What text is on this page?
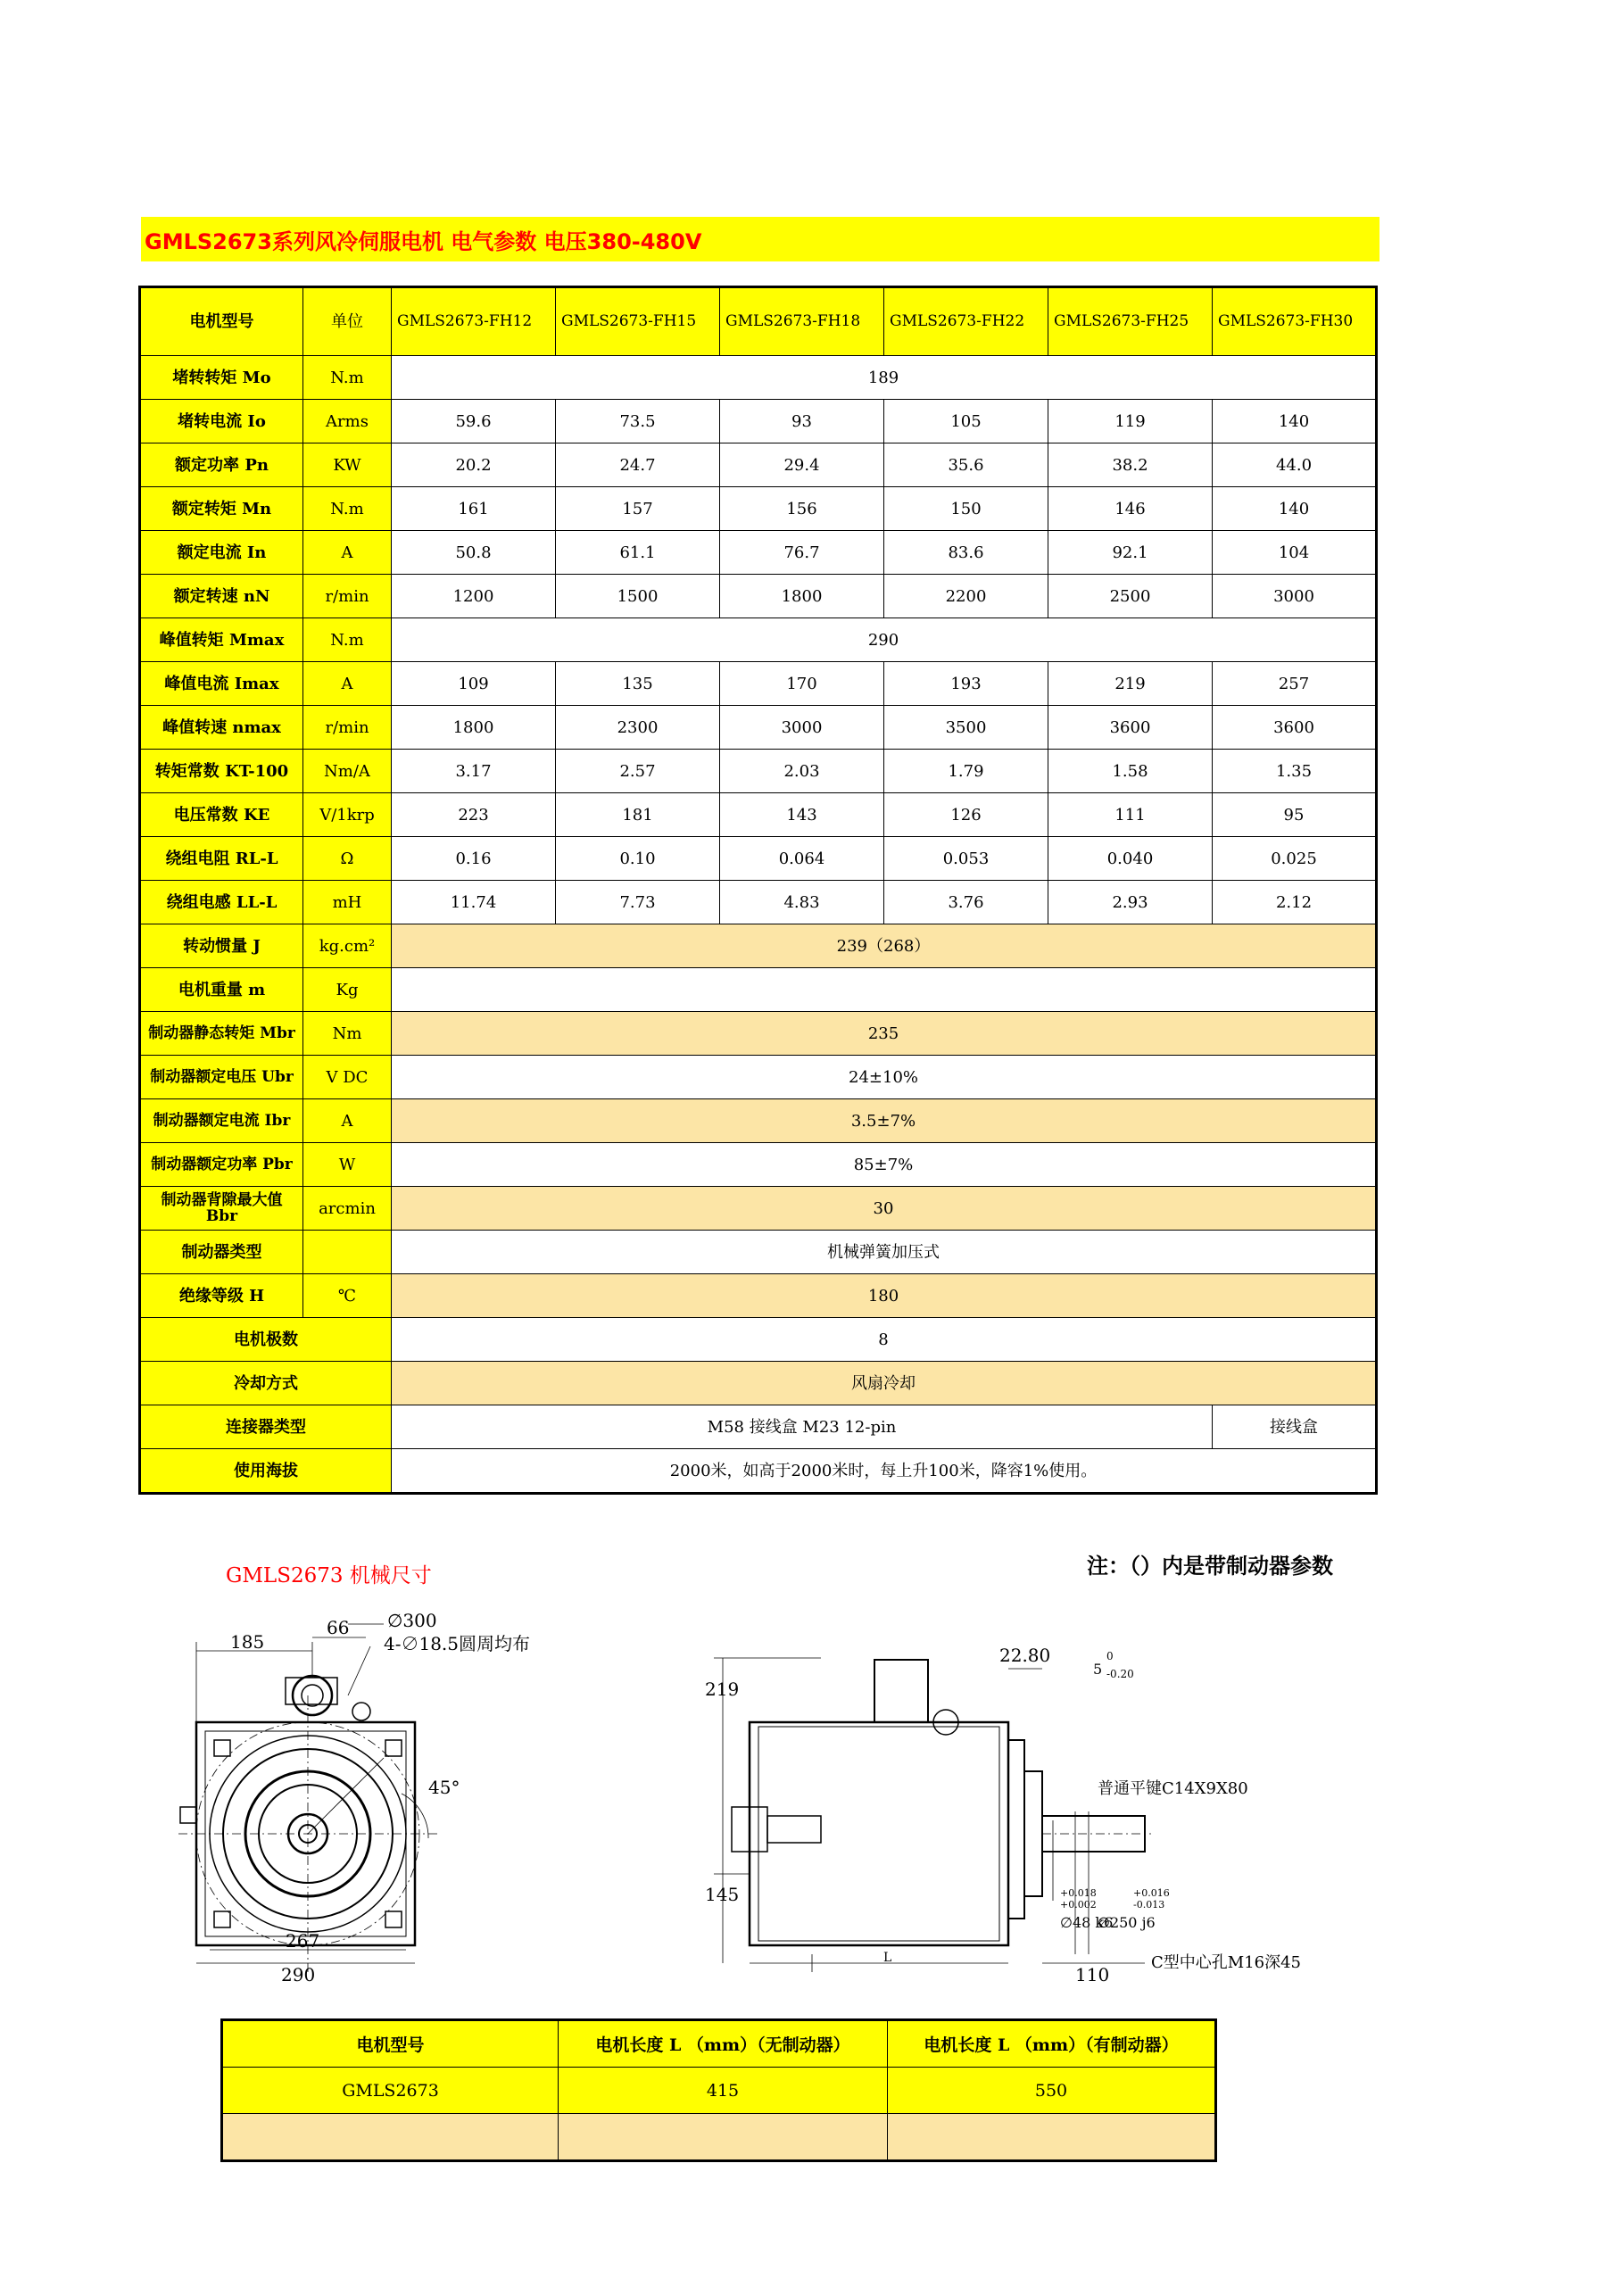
GMLS2673系列风冷伺服电机 电气参数 电压380-480V
电机型号	单位	GMLS2673-FH12	GMLS2673-FH15	GMLS2673-FH18	GMLS2673-FH22	GMLS2673-FH25	GMLS2673-FH30
堵转转矩 Mo	N.m	189					
堵转电流 Io	Arms	59.6	73.5	93	105	119	140
额定功率 Pn	KW	20.2	24.7	29.4	35.6	38.2	44.0
额定转矩 Mn	N.m	161	157	156	150	146	140
额定电流 In	A	50.8	61.1	76.7	83.6	92.1	104
额定转速 nN	r/min	1200	1500	1800	2200	2500	3000
峰值转矩 Mmax	N.m	290					
峰值电流 Imax	A	109	135	170	193	219	257
峰值转速 nmax	r/min	1800	2300	3000	3500	3600	3600
转矩常数 KT-100	Nm/A	3.17	2.57	2.03	1.79	1.58	1.35
电压常数 KE	V/1krp	223	181	143	126	111	95
绕组电阻 RL-L	Ω	0.16	0.10	0.064	0.053	0.040	0.025
绕组电感 LL-L	mH	11.74	7.73	4.83	3.76	2.93	2.12
转动惯量 J	kg.cm²	239（268）					
电机重量 m	Kg						
制动器静态转矩 Mbr	Nm	235					
制动器额定电压 Ubr	V DC	24±10%					
制动器额定电流 Ibr	A	3.5±7%					
制动器额定功率 Pbr	W	85±7%					
制动器背隙最大值 Bbr	arcmin	30					
制动器类型		机械弹簧加压式					
绝缘等级 H	℃	180					
电机极数		8					
冷却方式		风扇冷却					
连接器类型		M58 接线盒 M23 12-pin					接线盒
使用海拔		2000米，如高于2000米时，每上升100米，降容1%使用。					
GMLS2673 机械尺寸	注：（）内是带制动器参数
185
66 ∅300
4-∅18.5圆周均布
45°
267
290
219
145
22.80
5
0
-0.20
普通平键C14X9X80
∅48 k6
+0.018
+0.002
∅250 j6
+0.016
-0.013
L
110
C型中心孔M16深45
电机型号	电机长度 L （mm）（无制动器）	电机长度 L （mm）（有制动器）
GMLS2673	415	550
